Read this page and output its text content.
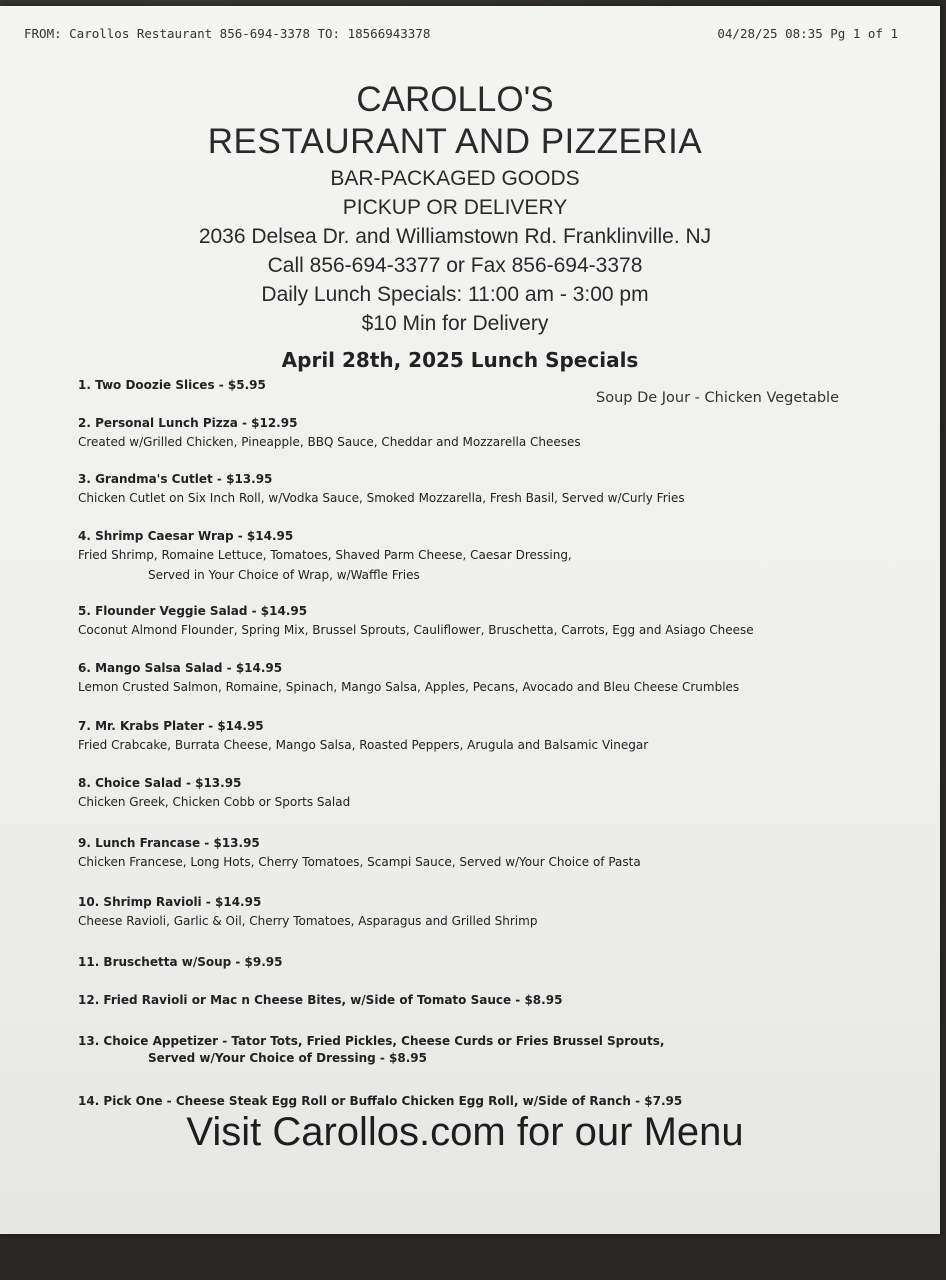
FROM: Carollos Restaurant 856-694-3378 TO: 18566943378	04/28/25 08:35 Pg 1 of 1
CAROLLO'S
RESTAURANT AND PIZZERIA
BAR-PACKAGED GOODS
PICKUP OR DELIVERY
2036 Delsea Dr. and Williamstown Rd. Franklinville. NJ
Call 856-694-3377 or Fax 856-694-3378
Daily Lunch Specials: 11:00 am - 3:00 pm
$10 Min for Delivery
April 28th, 2025 Lunch Specials
Soup De Jour - Chicken Vegetable
1. Two Doozie Slices - $5.95
2. Personal Lunch Pizza - $12.95
Created w/Grilled Chicken, Pineapple, BBQ Sauce, Cheddar and Mozzarella Cheeses
3. Grandma's Cutlet - $13.95
Chicken Cutlet on Six Inch Roll, w/Vodka Sauce, Smoked Mozzarella, Fresh Basil, Served w/Curly Fries
4. Shrimp Caesar Wrap - $14.95
Fried Shrimp, Romaine Lettuce, Tomatoes, Shaved Parm Cheese, Caesar Dressing,
Served in Your Choice of Wrap, w/Waffle Fries
5. Flounder Veggie Salad - $14.95
Coconut Almond Flounder, Spring Mix, Brussel Sprouts, Cauliflower, Bruschetta, Carrots, Egg and Asiago Cheese
6. Mango Salsa Salad - $14.95
Lemon Crusted Salmon, Romaine, Spinach, Mango Salsa, Apples, Pecans, Avocado and Bleu Cheese Crumbles
7. Mr. Krabs Plater - $14.95
Fried Crabcake, Burrata Cheese, Mango Salsa, Roasted Peppers, Arugula and Balsamic Vinegar
8. Choice Salad - $13.95
Chicken Greek, Chicken Cobb or Sports Salad
9. Lunch Francase - $13.95
Chicken Francese, Long Hots, Cherry Tomatoes, Scampi Sauce, Served w/Your Choice of Pasta
10. Shrimp Ravioli - $14.95
Cheese Ravioli, Garlic & Oil, Cherry Tomatoes, Asparagus and Grilled Shrimp
11. Bruschetta w/Soup - $9.95
12. Fried Ravioli or Mac n Cheese Bites, w/Side of Tomato Sauce - $8.95
13. Choice Appetizer - Tator Tots, Fried Pickles, Cheese Curds or Fries Brussel Sprouts,
Served w/Your Choice of Dressing - $8.95
14. Pick One - Cheese Steak Egg Roll or Buffalo Chicken Egg Roll, w/Side of Ranch - $7.95
Visit Carollos.com for our Menu
